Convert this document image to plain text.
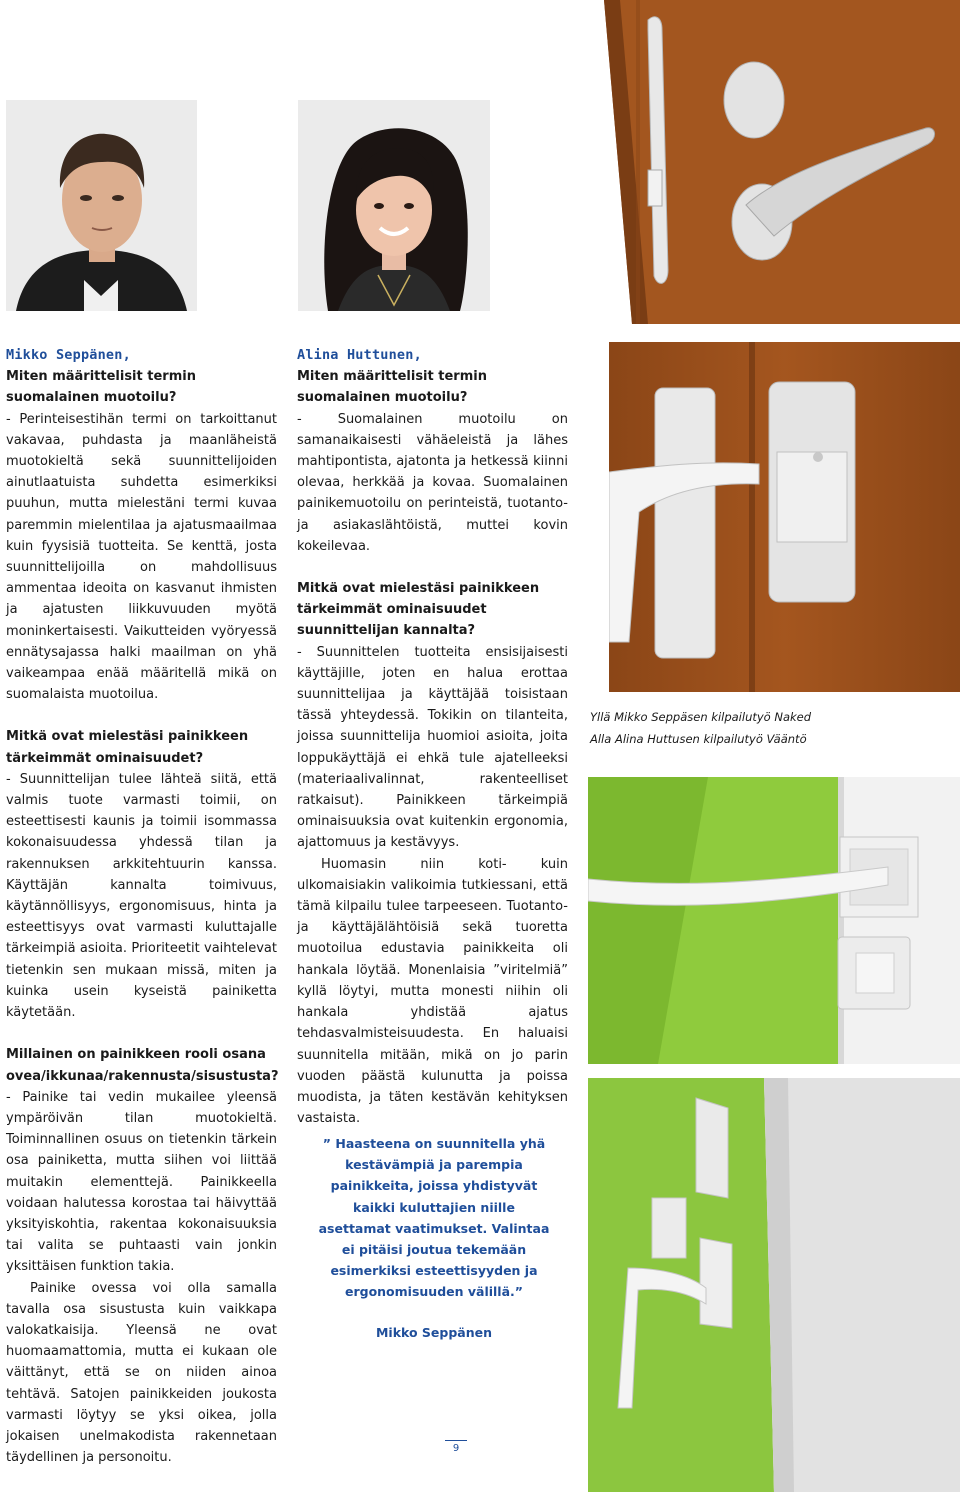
Yllä Mikko Seppäsen kilpailutyö Naked
Alla Alina Huttusen kilpailutyö Vääntö

Mikko Seppänen,

Miten määrittelisit termin suomalainen muotoilu?

- Perinteisestihän termi on tarkoittanut vakavaa, puhdasta ja maanläheistä muotokieltä sekä suunnittelijoiden ainutlaatuista suhdetta esimerkiksi puuhun, mutta mielestäni termi kuvaa paremmin mielentilaa ja ajatusmaailmaa kuin fyysisiä tuotteita. Se kenttä, josta suunnittelijoilla on mahdollisuus ammentaa ideoita on kasvanut ihmisten ja ajatusten liikkuvuuden myötä moninkertaisesti. Vaikutteiden vyöryessä ennätysajassa halki maailman on yhä vaikeampaa enää määritellä mikä on suomalaista muotoilua.

Mitkä ovat mielestäsi painikkeen tärkeimmät ominaisuudet?

- Suunnittelijan tulee lähteä siitä, että valmis tuote varmasti toimii, on esteettisesti kaunis ja toimii isommassa kokonaisuudessa yhdessä tilan ja rakennuksen arkkitehtuurin kanssa. Käyttäjän kannalta toimivuus, käytännöllisyys, ergonomisuus, hinta ja esteettisyys ovat varmasti kuluttajalle tärkeimpiä asioita. Prioriteetit vaihtelevat tietenkin sen mukaan missä, miten ja kuinka usein kyseistä painiketta käytetään.

Millainen on painikkeen rooli osana ovea/ikkunaa/rakennusta/sisustusta?

- Painike tai vedin mukailee yleensä ympäröivän tilan muotokieltä. Toiminnallinen osuus on tietenkin tärkein osa painiketta, mutta siihen voi liittää muitakin elementtejä. Painikkeella voidaan halutessa korostaa tai häivyttää yksityiskohtia, rakentaa kokonaisuuksia tai valita se puhtaasti vain jonkin yksittäisen funktion takia.

Painike ovessa voi olla samalla tavalla osa sisustusta kuin vaikkapa valokatkaisija. Yleensä ne ovat huomaamattomia, mutta ei kukaan ole väittänyt, että se on niiden ainoa tehtävä. Satojen painikkeiden joukosta varmasti löytyy se yksi oikea, jolla jokaisen unelmakodista rakennetaan täydellinen ja personoitu.

Alina Huttunen,

Miten määrittelisit termin suomalainen muotoilu?

- Suomalainen muotoilu on samanaikaisesti vähäeleistä ja lähes mahtipontista, ajatonta ja hetkessä kiinni olevaa, herkkää ja kovaa. Suomalainen painikemuotoilu on perinteistä, tuotanto- ja asiakaslähtöistä, muttei kovin kokeilevaa.

Mitkä ovat mielestäsi painikkeen tärkeimmät ominaisuudet suunnittelijan kannalta?

- Suunnittelen tuotteita ensisijaisesti käyttäjille, joten en halua erottaa suunnittelijaa ja käyttäjää toisistaan tässä yhteydessä. Tokikin on tilanteita, joissa suunnittelija huomioi asioita, joita loppukäyttäjä ei ehkä tule ajatelleeksi (materiaalivalinnat, rakenteelliset ratkaisut). Painikkeen tärkeimpiä ominaisuuksia ovat kuitenkin ergonomia, ajattomuus ja kestävyys.

Huomasin niin koti- kuin ulkomaisiakin valikoimia tutkiessani, että tämä kilpailu tulee tarpeeseen. Tuotanto- ja käyttäjälähtöisiä sekä tuoretta muotoilua edustavia painikkeita oli hankala löytää. Monenlaisia ”viritelmiä” kyllä löytyi, mutta monesti niihin oli hankala yhdistää ajatus tehdasvalmisteisuudesta. En haluaisi suunnitella mitään, mikä on jo parin vuoden päästä kulunutta ja poissa muodista, ja täten kestävän kehityksen vastaista.

” Haasteena on suunnitella yhä kestävämpiä ja parempia painikkeita, joissa yhdistyvät kaikki kuluttajien niille asettamat vaatimukset. Valintaa ei pitäisi joutua tekemään esimerkiksi esteettisyyden ja ergonomisuuden välillä.”
Mikko Seppänen
9
